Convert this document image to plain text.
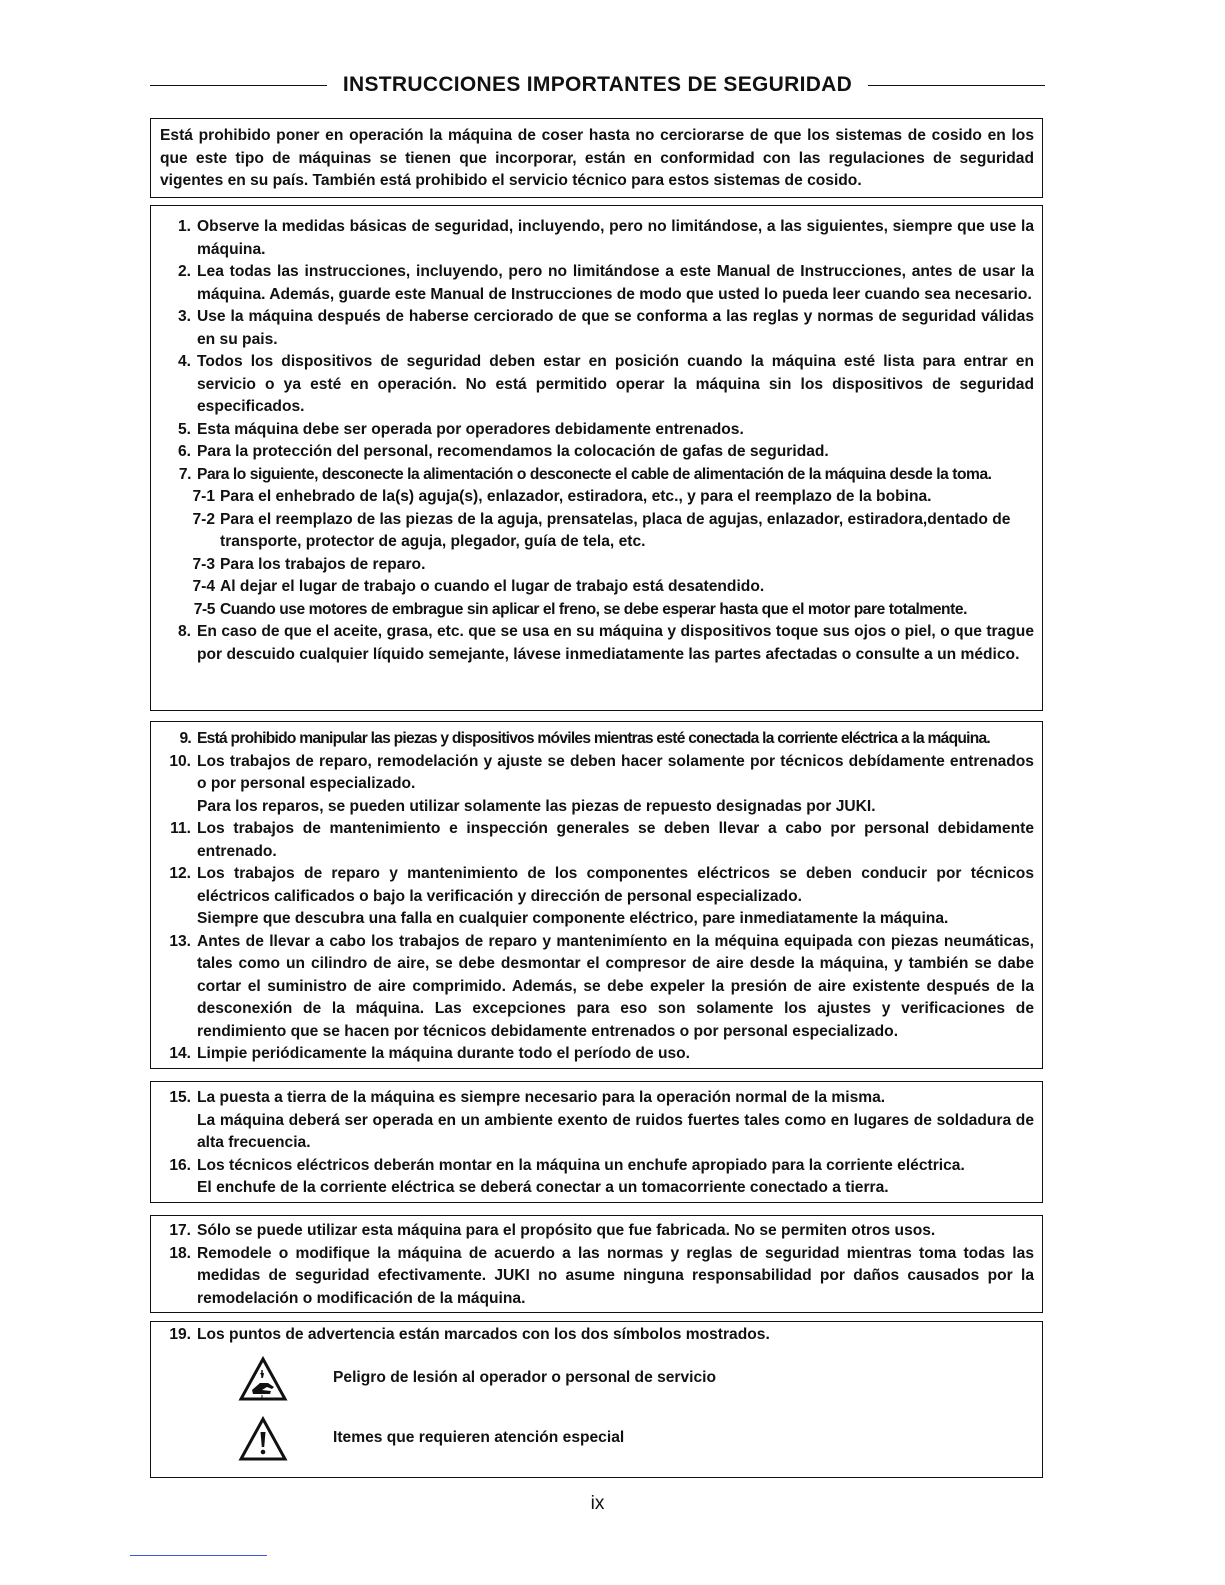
INSTRUCCIONES IMPORTANTES DE SEGURIDAD
Está prohibido poner en operación la máquina de coser hasta no cerciorarse de que los sistemas de cosido en los que este tipo de máquinas se tienen que incorporar, están en conformidad con las regulaciones de seguridad vigentes en su país. También está prohibido el servicio técnico para estos sistemas de cosido.
1. Observe la medidas básicas de seguridad, incluyendo, pero no limitándose, a las siguientes, siempre que use la máquina.
2. Lea todas las instrucciones, incluyendo, pero no limitándose a este Manual de Instrucciones, antes de usar la máquina. Además, guarde este Manual de Instrucciones de modo que usted lo pueda leer cuando sea necesario.
3. Use la máquina después de haberse cerciorado de que se conforma a las reglas y normas de seguridad válidas en su pais.
4. Todos los dispositivos de seguridad deben estar en posición cuando la máquina esté lista para entrar en servicio o ya esté en operación. No está permitido operar la máquina sin los dispositivos de seguridad especificados.
5. Esta máquina debe ser operada por operadores debidamente entrenados.
6. Para la protección del personal, recomendamos la colocación de gafas de seguridad.
7. Para lo siguiente, desconecte la alimentación o desconecte el cable de alimentación de la máquina desde la toma.
7-1 Para el enhebrado de la(s) aguja(s), enlazador, estiradora, etc., y para el reemplazo de la bobina.
7-2 Para el reemplazo de las piezas de la aguja, prensatelas, placa de agujas, enlazador, estiradora,dentado de transporte, protector de aguja, plegador, guía de tela, etc.
7-3 Para los trabajos de reparo.
7-4 Al dejar el lugar de trabajo o cuando el lugar de trabajo está desatendido.
7-5 Cuando use motores de embrague sin aplicar el freno, se debe esperar hasta que el motor pare totalmente.
8. En caso de que el aceite, grasa, etc. que se usa en su máquina y dispositivos toque sus ojos o piel, o que trague por descuido cualquier líquido semejante, lávese inmediatamente las partes afectadas o consulte a un médico.
9. Está prohibido manipular las piezas y dispositivos móviles mientras esté conectada la corriente eléctrica a la máquina.
10. Los trabajos de reparo, remodelación y ajuste se deben hacer solamente por técnicos debídamente entrenados o por personal especializado.
Para los reparos, se pueden utilizar solamente las piezas de repuesto designadas por JUKI.
11. Los trabajos de mantenimiento e inspección generales se deben llevar a cabo por personal debidamente entrenado.
12. Los trabajos de reparo y mantenimiento de los componentes eléctricos se deben conducir por técnicos eléctricos calificados o bajo la verificación y dirección de personal especializado.
Siempre que descubra una falla en cualquier componente eléctrico, pare inmediatamente la máquina.
13. Antes de llevar a cabo los trabajos de reparo y mantenimíento en la méquina equipada con piezas neumáticas, tales como un cilindro de aire, se debe desmontar el compresor de aire desde la máquina, y también se dabe cortar el suministro de aire comprimido. Además, se debe expeler la presión de aire existente después de la desconexión de la máquina. Las excepciones para eso son solamente los ajustes y verificaciones de rendimiento que se hacen por técnicos debidamente entrenados o por personal especializado.
14. Limpie periódicamente la máquina durante todo el período de uso.
15. La puesta a tierra de la máquina es siempre necesario para la operación normal de la misma.
La máquina deberá ser operada en un ambiente exento de ruidos fuertes tales como en lugares de soldadura de alta frecuencia.
16. Los técnicos eléctricos deberán montar en la máquina un enchufe apropiado para la corriente eléctrica.
El enchufe de la corriente eléctrica se deberá conectar a un tomacorriente conectado a tierra.
17. Sólo se puede utilizar esta máquina para el propósito que fue fabricada. No se permiten otros usos.
18. Remodele o modifique la máquina de acuerdo a las normas y reglas de seguridad mientras toma todas las medidas de seguridad efectivamente. JUKI no asume ninguna responsabilidad por daños causados por la remodelación o modificación de la máquina.
19. Los puntos de advertencia están marcados con los dos símbolos mostrados.
Peligro de lesión al operador o personal de servicio
Itemes que requieren atención especial
ix
